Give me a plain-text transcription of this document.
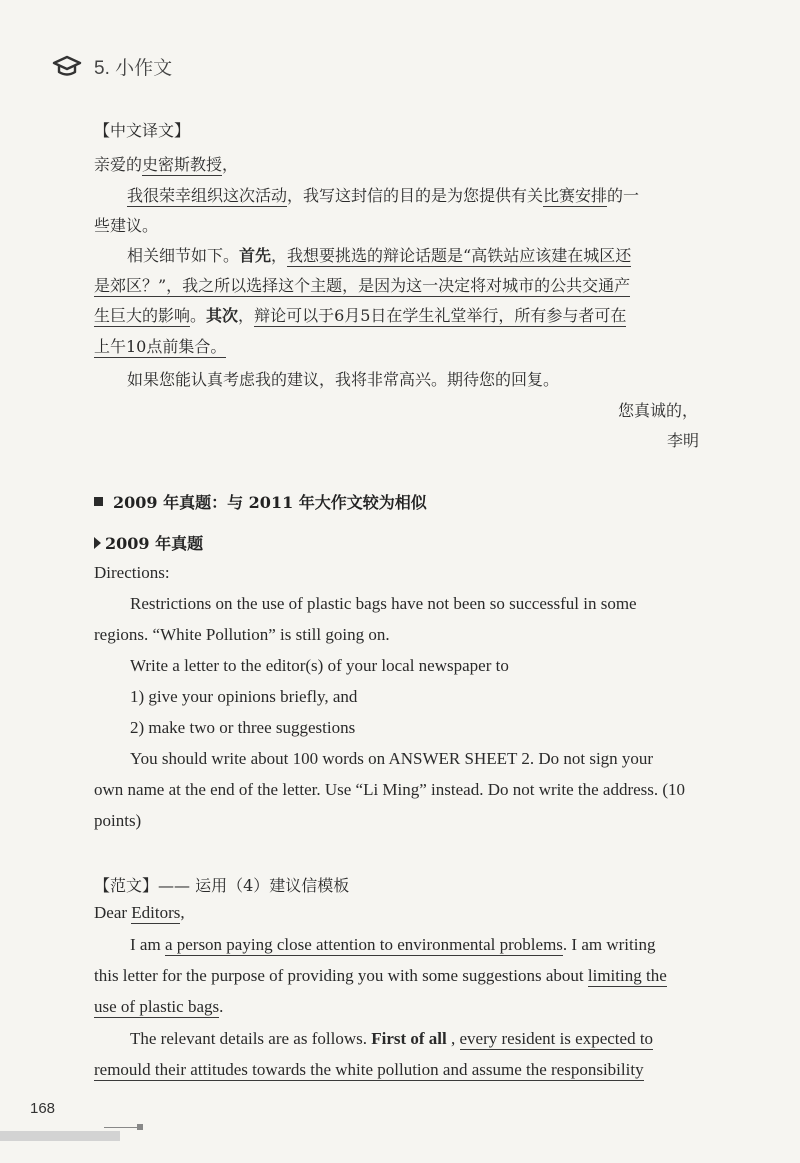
5. 小作文
【中文译文】
亲爱的史密斯教授，
我很荣幸组织这次活动，我写这封信的目的是为您提供有关比赛安排的一
些建议。
相关细节如下。首先，我想要挑选的辩论话题是“高铁站应该建在城区还
是郊区？”，我之所以选择这个主题，是因为这一决定将对城市的公共交通产
生巨大的影响。其次，辩论可以于6月5日在学生礼堂举行，所有参与者可在
上午10点前集合。
如果您能认真考虑我的建议，我将非常高兴。期待您的回复。
您真诚的，
李明
2009 年真题：与 2011 年大作文较为相似
2009 年真题
Directions:
Restrictions on the use of plastic bags have not been so successful in some
regions. “White Pollution” is still going on.
Write a letter to the editor(s) of your local newspaper to
1) give your opinions briefly, and
2) make two or three suggestions
You should write about 100 words on ANSWER SHEET 2. Do not sign your
own name at the end of the letter. Use “Li Ming” instead. Do not write the address. (10
points)
【范文】—— 运用（4）建议信模板
Dear Editors,
I am a person paying close attention to environmental problems. I am writing
this letter for the purpose of providing you with some suggestions about limiting the
use of plastic bags.
The relevant details are as follows. First of all , every resident is expected to
remould their attitudes towards the white pollution and assume the responsibility
168
